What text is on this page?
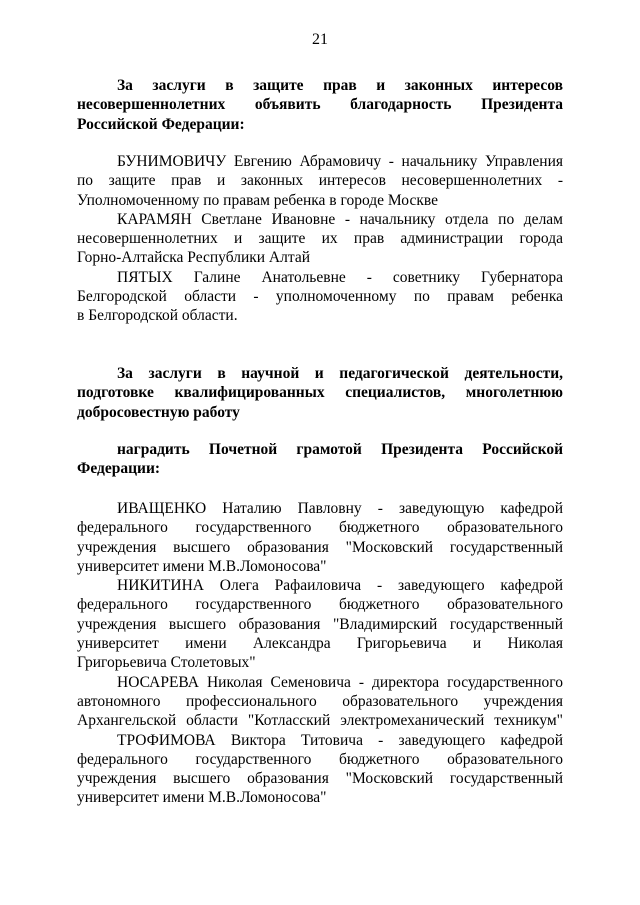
21
За заслуги в защите прав и законных интересов
несовершеннолетних объявить благодарность Президента
Российской Федерации:
БУНИМОВИЧУ Евгению Абрамовичу - начальнику Управления
по защите прав и законных интересов несовершеннолетних -
Уполномоченному по правам ребенка в городе Москве
КАРАМЯН Светлане Ивановне - начальнику отдела по делам
несовершеннолетних и защите их прав администрации города
Горно-Алтайска Республики Алтай
ПЯТЫХ Галине Анатольевне - советнику Губернатора
Белгородской области - уполномоченному по правам ребенка
в Белгородской области.
За заслуги в научной и педагогической деятельности,
подготовке квалифицированных специалистов, многолетнюю
добросовестную работу
наградить Почетной грамотой Президента Российской
Федерации:
ИВАЩЕНКО Наталию Павловну - заведующую кафедрой
федерального государственного бюджетного образовательного
учреждения высшего образования "Московский государственный
университет имени М.В.Ломоносова"
НИКИТИНА Олега Рафаиловича - заведующего кафедрой
федерального государственного бюджетного образовательного
учреждения высшего образования "Владимирский государственный
университет имени Александра Григорьевича и Николая
Григорьевича Столетовых"
НОСАРЕВА Николая Семеновича - директора государственного
автономного профессионального образовательного учреждения
Архангельской области "Котласский электромеханический техникум"
ТРОФИМОВА Виктора Титовича - заведующего кафедрой
федерального государственного бюджетного образовательного
учреждения высшего образования "Московский государственный
университет имени М.В.Ломоносова"
